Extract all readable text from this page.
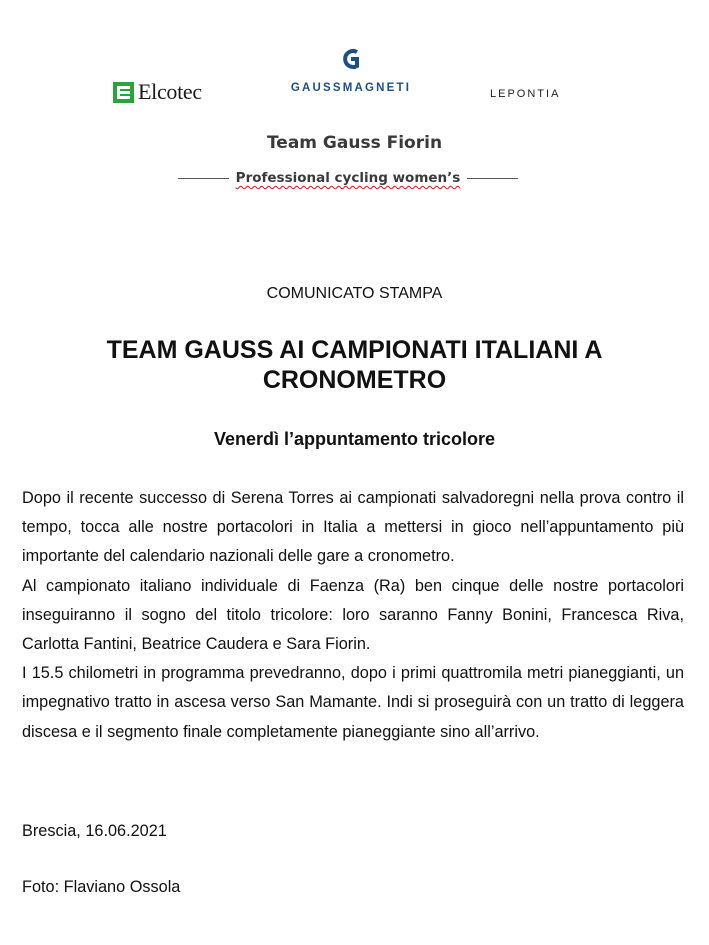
Elcotec	GAUSSMAGNETI	LEPONTIA
Team Gauss Fiorin
Professional cycling women’s
COMUNICATO STAMPA
TEAM GAUSS AI CAMPIONATI ITALIANI A CRONOMETRO
Venerdì l’appuntamento tricolore

Dopo il recente successo di Serena Torres ai campionati salvadoregni nella prova contro il tempo, tocca alle nostre portacolori in Italia a mettersi in gioco nell’appuntamento più importante del calendario nazionali delle gare a cronometro.

Al campionato italiano individuale di Faenza (Ra) ben cinque delle nostre portacolori inseguiranno il sogno del titolo tricolore: loro saranno Fanny Bonini, Francesca Riva, Carlotta Fantini, Beatrice Caudera e Sara Fiorin.

I 15.5 chilometri in programma prevedranno, dopo i primi quattromila metri pianeggianti, un impegnativo tratto in ascesa verso San Mamante. Indi si proseguirà con un tratto di leggera discesa e il segmento finale completamente pianeggiante sino all’arrivo.

Brescia, 16.06.2021
Foto: Flaviano Ossola
